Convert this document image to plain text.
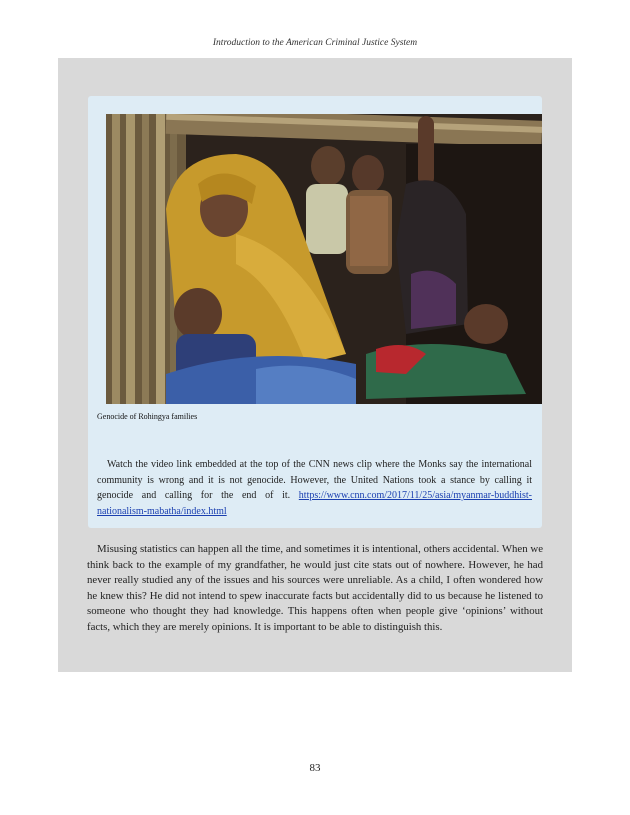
Introduction to the American Criminal Justice System
Genocide of Rohingya families
Watch the video link embedded at the top of the CNN news clip where the Monks say the international community is wrong and it is not genocide. However, the United Nations took a stance by calling it genocide and calling for the end of it. https://www.cnn.com/2017/11/25/asia/myanmar-buddhist-nationalism-mabatha/index.html
Misusing statistics can happen all the time, and sometimes it is intentional, others accidental. When we think back to the example of my grandfather, he would just cite stats out of nowhere. However, he had never really studied any of the issues and his sources were unreliable. As a child, I often wondered how he knew this? He did not intend to spew inaccurate facts but accidentally did to us because he listened to someone who thought they had knowledge. This happens often when people give ‘opinions’ without facts, which they are merely opinions. It is important to be able to distinguish this.
83
